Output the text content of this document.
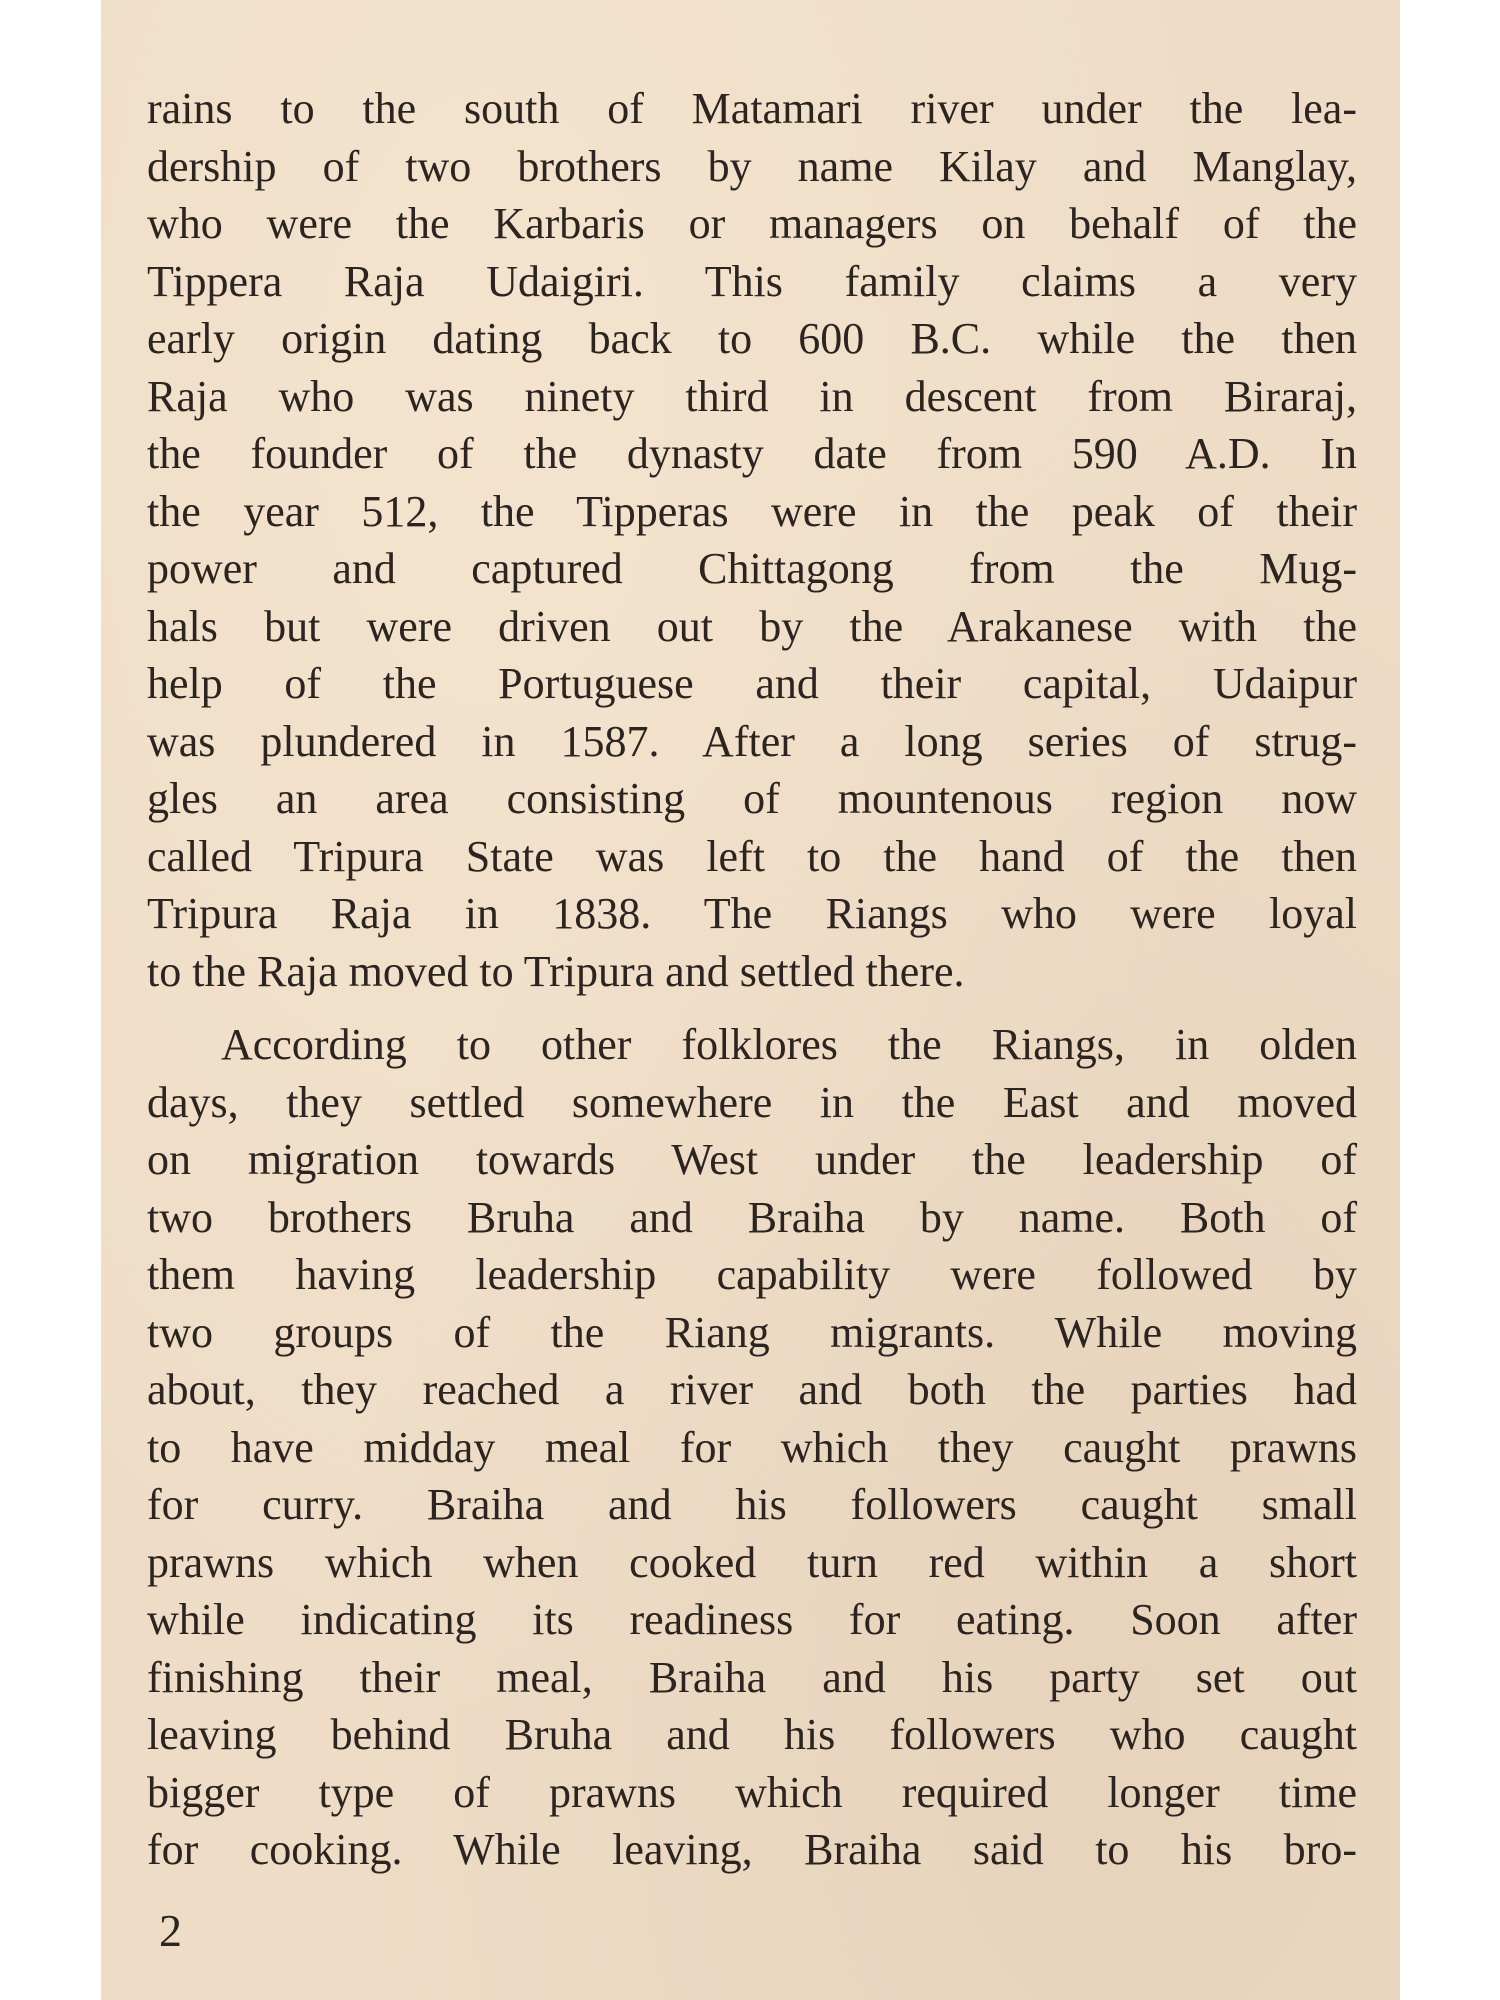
rains to the south of Matamari river under the lea-
dership of two brothers by name Kilay and Manglay,
who were the Karbaris or managers on behalf of the
Tippera Raja Udaigiri. This family claims a very
early origin dating back to 600 B.C. while the then
Raja who was ninety third in descent from Biraraj,
the founder of the dynasty date from 590 A.D. In
the year 512, the Tipperas were in the peak of their
power and captured Chittagong from the Mug-
hals but were driven out by the Arakanese with the
help of the Portuguese and their capital, Udaipur
was plundered in 1587. After a long series of strug-
gles an area consisting of mountenous region now
called Tripura State was left to the hand of the then
Tripura Raja in 1838. The Riangs who were loyal
to the Raja moved to Tripura and settled there.
According to other folklores the Riangs, in olden
days, they settled somewhere in the East and moved
on migration towards West under the leadership of
two brothers Bruha and Braiha by name. Both of
them having leadership capability were followed by
two groups of the Riang migrants. While moving
about, they reached a river and both the parties had
to have midday meal for which they caught prawns
for curry. Braiha and his followers caught small
prawns which when cooked turn red within a short
while indicating its readiness for eating. Soon after
finishing their meal, Braiha and his party set out
leaving behind Bruha and his followers who caught
bigger type of prawns which required longer time
for cooking. While leaving, Braiha said to his bro-
2
